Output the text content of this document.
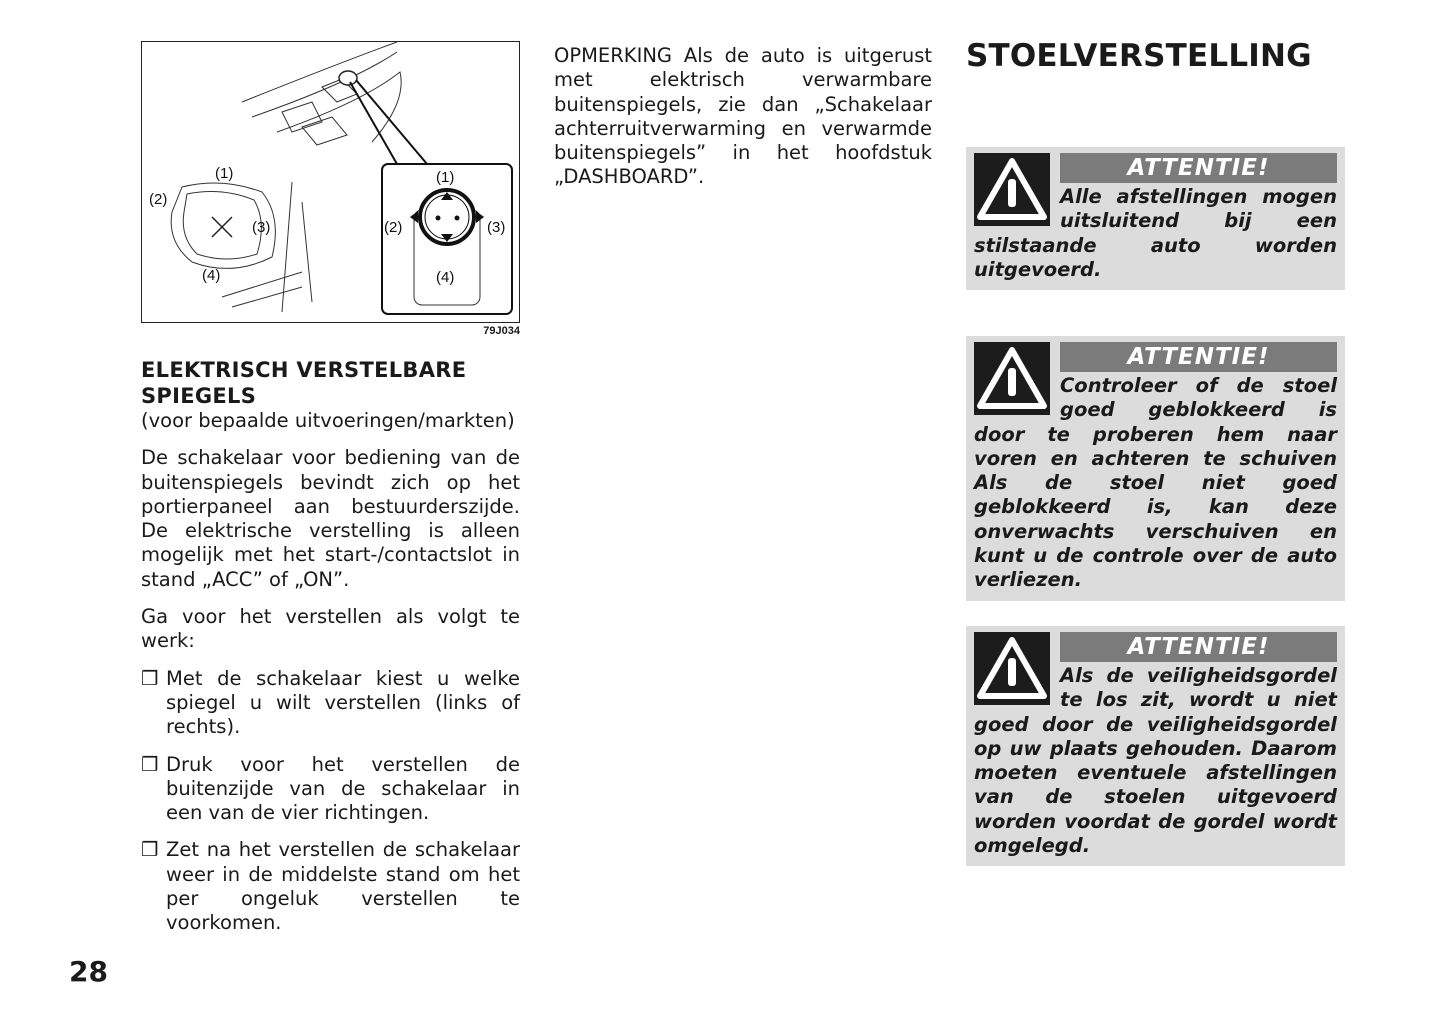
(1)
(2)
(3)
(4)
(1)
(2)	(3)
(4)
79J034
ELEKTRISCH VERSTELBARE SPIEGELS

(voor bepaalde uitvoeringen/markten)

De schakelaar voor bediening van de buitenspiegels bevindt zich op het portierpaneel aan bestuurderszijde. De elektrische verstelling is alleen mogelijk met het start-/contactslot in stand „ACC” of „ON”.

Ga voor het verstellen als volgt te werk:

❒ Met de schakelaar kiest u welke spiegel u wilt verstellen (links of rechts).

❒ Druk voor het verstellen de buitenzijde van de schakelaar in een van de vier richtingen.

❒ Zet na het verstellen de schakelaar weer in de middelste stand om het per ongeluk verstellen te voorkomen.

OPMERKING Als de auto is uitgerust met elektrisch verwarmbare buitenspiegels, zie dan „Schakelaar achterruitverwarming en verwarmde buitenspiegels” in het hoofdstuk „DASHBOARD”.

STOELVERSTELLING
ATTENTIE!
Alle afstellingen mogen uitsluitend bij een stilstaande auto worden uitgevoerd.
ATTENTIE!
Controleer of de stoel goed geblokkeerd is door te proberen hem naar voren en achteren te schuiven Als de stoel niet goed geblokkeerd is, kan deze onverwachts verschuiven en kunt u de controle over de auto verliezen.
ATTENTIE!
Als de veiligheidsgordel te los zit, wordt u niet goed door de veiligheidsgordel op uw plaats gehouden. Daarom moeten eventuele afstellingen van de stoelen uitgevoerd worden voordat de gordel wordt omgelegd.
28
